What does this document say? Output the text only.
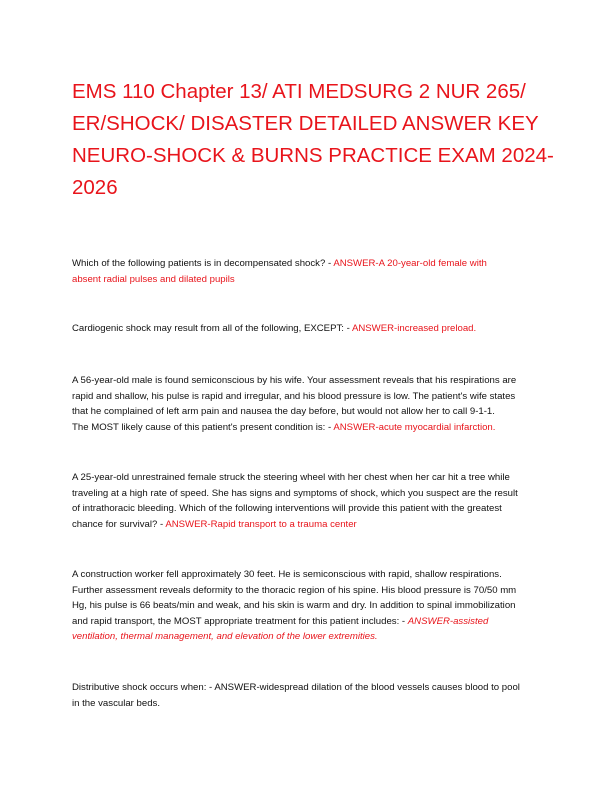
EMS 110 Chapter 13/ ATI MEDSURG 2 NUR 265/
ER/SHOCK/ DISASTER DETAILED ANSWER KEY
NEURO-SHOCK & BURNS PRACTICE EXAM 2024-
2026
Which of the following patients is in decompensated shock? - ANSWER-A 20-year-old female with
absent radial pulses and dilated pupils
Cardiogenic shock may result from all of the following, EXCEPT: - ANSWER-increased preload.
A 56-year-old male is found semiconscious by his wife. Your assessment reveals that his respirations are
rapid and shallow, his pulse is rapid and irregular, and his blood pressure is low. The patient's wife states
that he complained of left arm pain and nausea the day before, but would not allow her to call 9-1-1.
The MOST likely cause of this patient's present condition is: - ANSWER-acute myocardial infarction.
A 25-year-old unrestrained female struck the steering wheel with her chest when her car hit a tree while
traveling at a high rate of speed. She has signs and symptoms of shock, which you suspect are the result
of intrathoracic bleeding. Which of the following interventions will provide this patient with the greatest
chance for survival? - ANSWER-Rapid transport to a trauma center
A construction worker fell approximately 30 feet. He is semiconscious with rapid, shallow respirations.
Further assessment reveals deformity to the thoracic region of his spine. His blood pressure is 70/50 mm
Hg, his pulse is 66 beats/min and weak, and his skin is warm and dry. In addition to spinal immobilization
and rapid transport, the MOST appropriate treatment for this patient includes: - ANSWER-assisted
ventilation, thermal management, and elevation of the lower extremities.
Distributive shock occurs when: - ANSWER-widespread dilation of the blood vessels causes blood to pool
in the vascular beds.
